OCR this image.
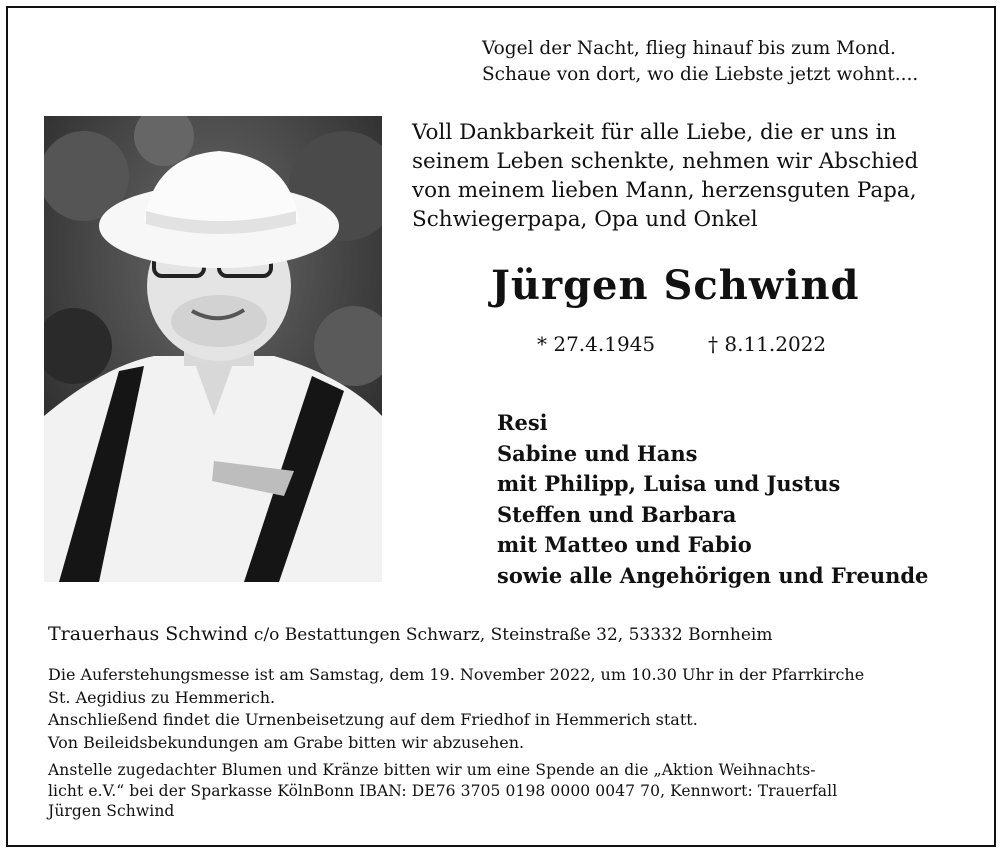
Vogel der Nacht, flieg hinauf bis zum Mond.
Schaue von dort, wo die Liebste jetzt wohnt....
Voll Dankbarkeit für alle Liebe, die er uns in
seinem Leben schenkte, nehmen wir Abschied
von meinem lieben Mann, herzensguten Papa,
Schwiegerpapa, Opa und Onkel
Jürgen Schwind
* 27.4.1945	† 8.11.2022
Resi
Sabine und Hans
mit Philipp, Luisa und Justus
Steffen und Barbara
mit Matteo und Fabio
sowie alle Angehörigen und Freunde
Trauerhaus Schwind c/o Bestattungen Schwarz, Steinstraße 32, 53332 Bornheim
Die Auferstehungsmesse ist am Samstag, dem 19. November 2022, um 10.30 Uhr in der Pfarrkirche
St. Aegidius zu Hemmerich.
Anschließend findet die Urnenbeisetzung auf dem Friedhof in Hemmerich statt.
Von Beileidsbekundungen am Grabe bitten wir abzusehen.
Anstelle zugedachter Blumen und Kränze bitten wir um eine Spende an die „Aktion Weihnachts-
licht e.V.“ bei der Sparkasse KölnBonn IBAN: DE76 3705 0198 0000 0047 70, Kennwort: Trauerfall
Jürgen Schwind
